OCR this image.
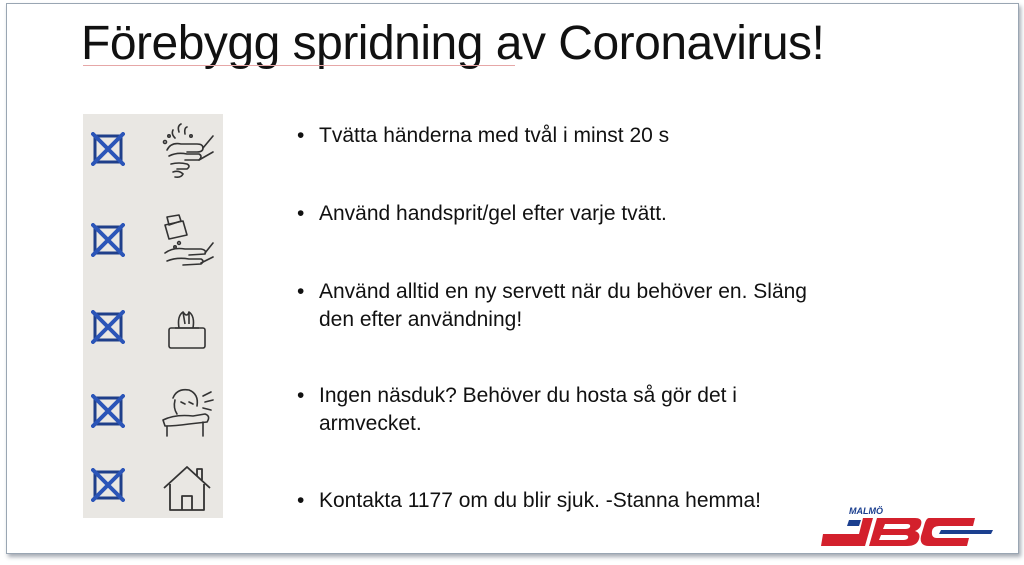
Förebygg spridning av Coronavirus!
• Tvätta händerna med tvål i minst 20 s
• Använd handsprit/gel efter varje tvätt.
• Använd alltid en ny servett när du behöver en. Släng den efter användning!
• Ingen näsduk? Behöver du hosta så gör det i armvecket.
• Kontakta 1177 om du blir sjuk. -Stanna hemma!	MALMÖ
